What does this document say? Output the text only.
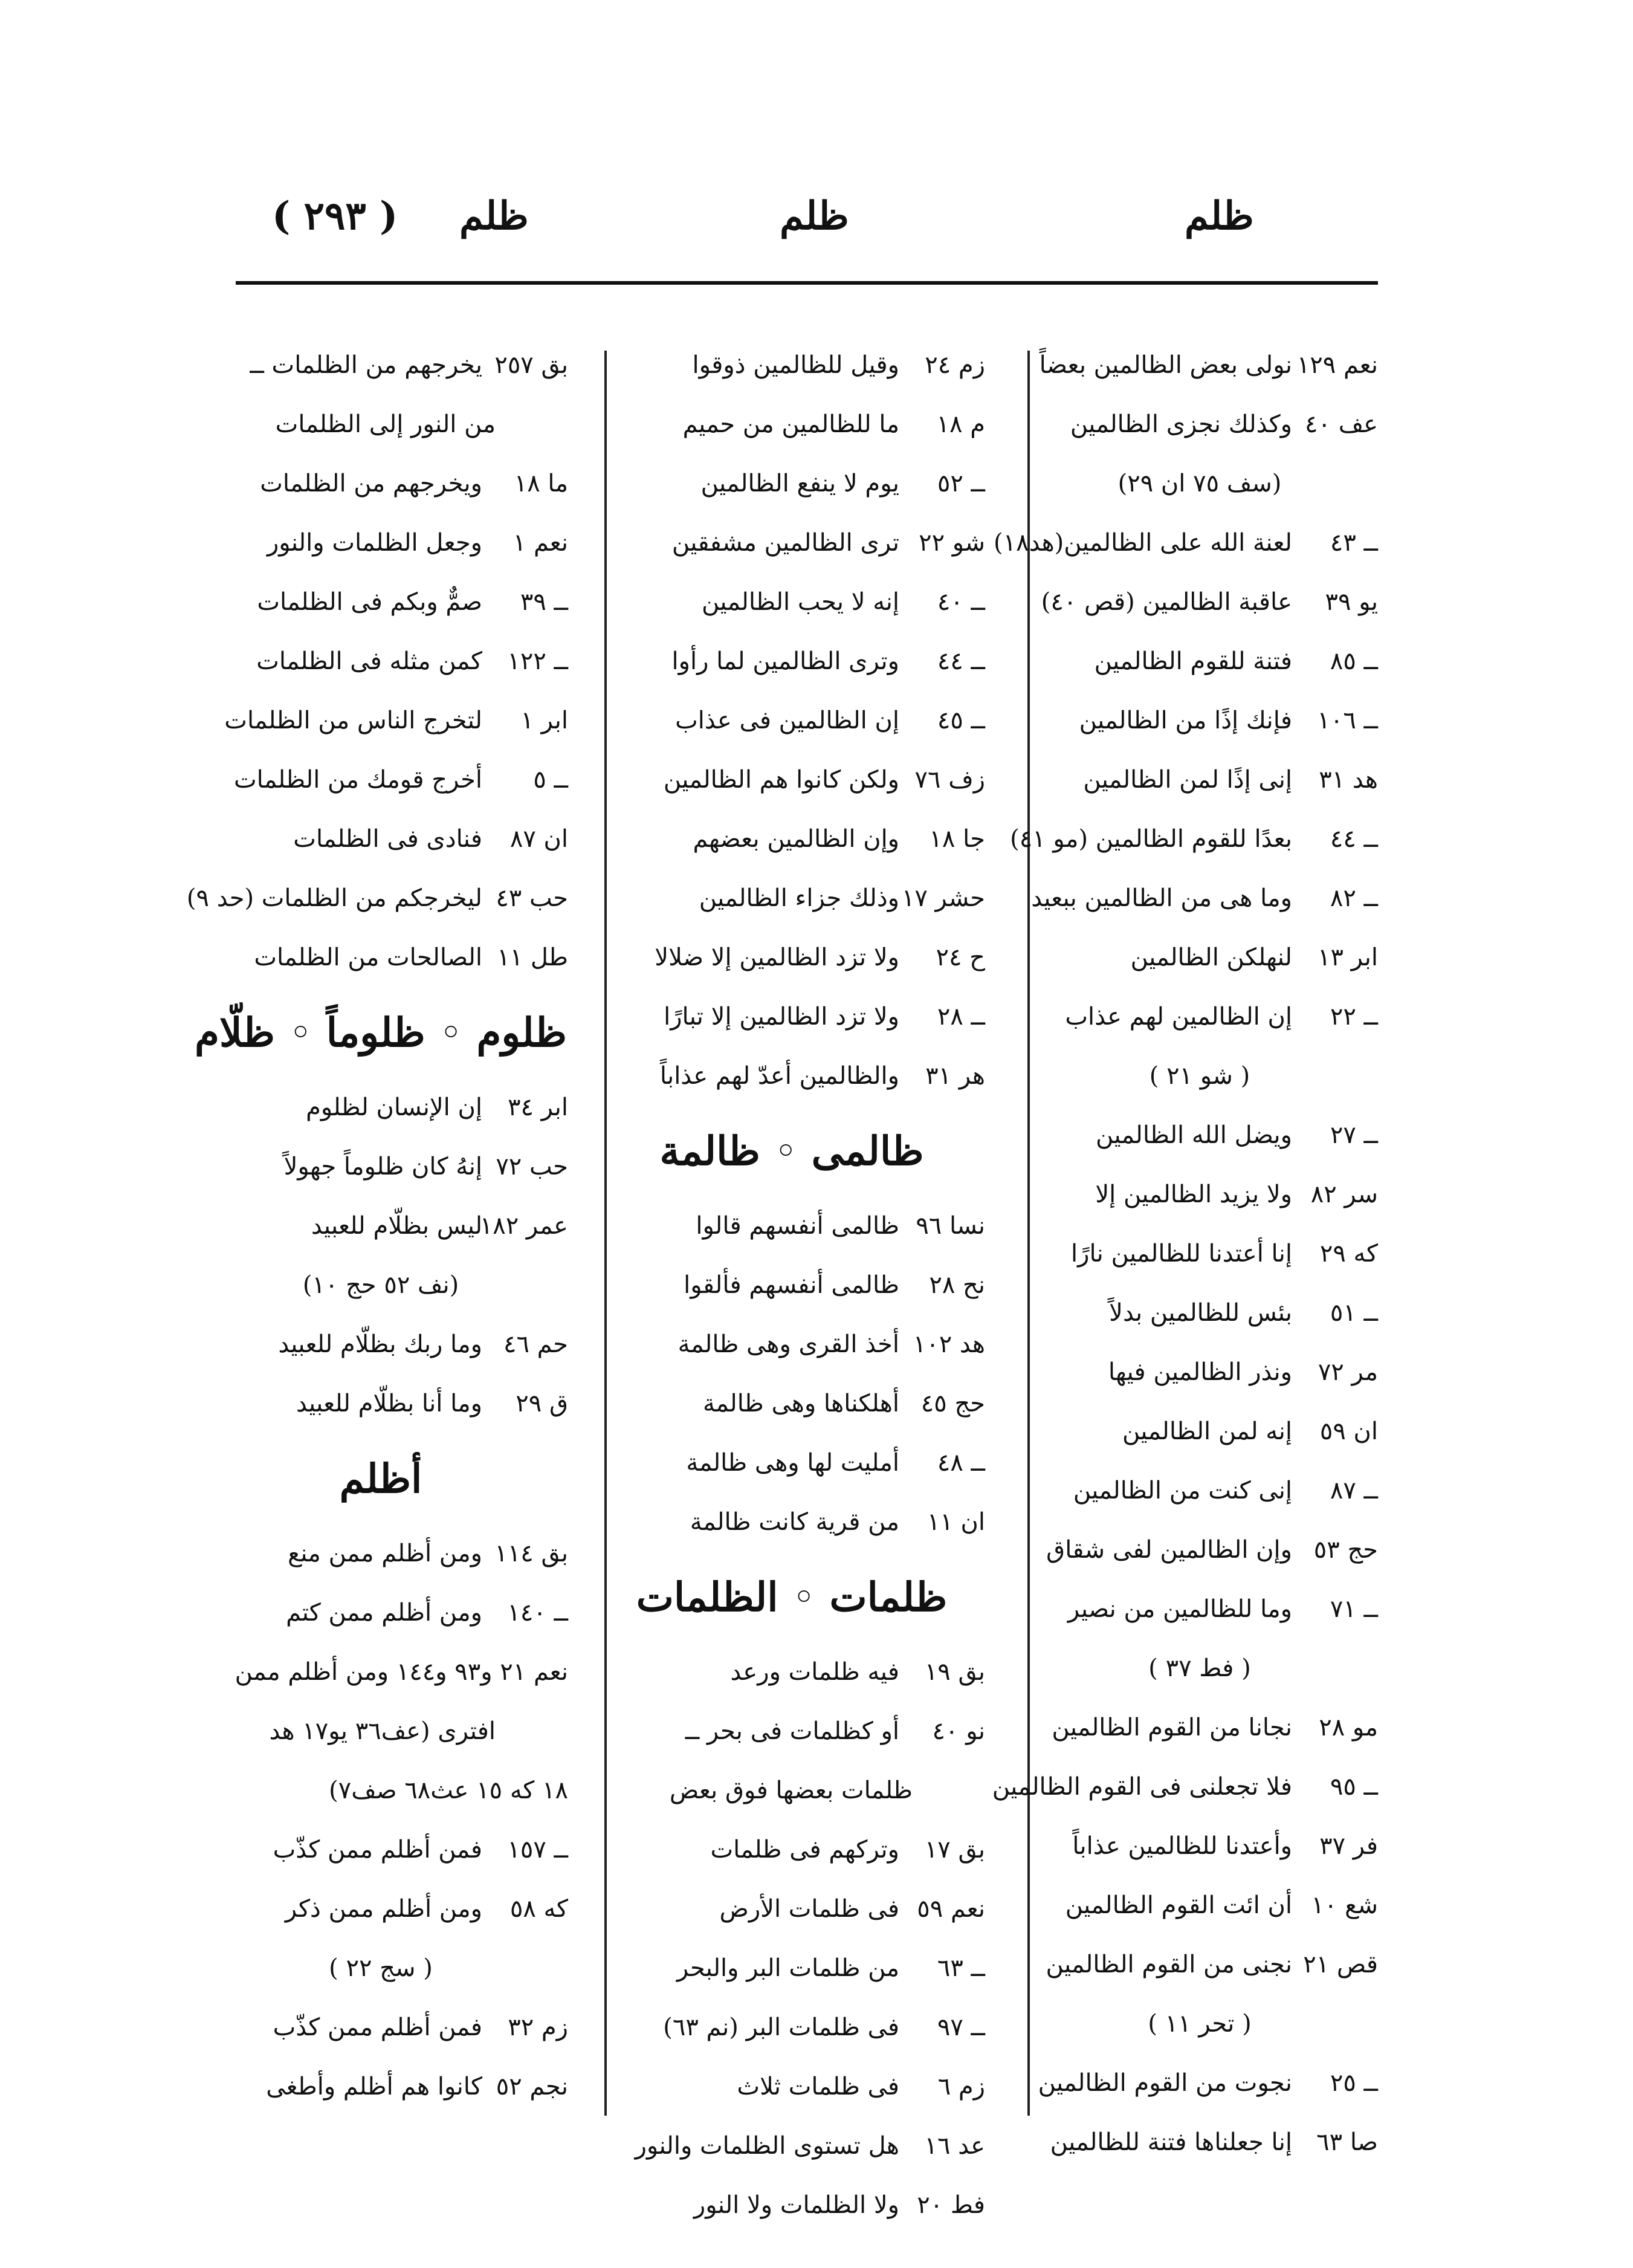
( ٢٩٣ ) ظلم	ظلم	ظلم
نعم ١٢٩
نولى بعض الظالمين بعضاً
عف ٤٠
وكذلك نجزى الظالمين
(سف ٧٥ ان ٢٩)
ــ ٤٣
لعنة الله على الظالمين(هد١٨)
يو ٣٩
عاقبة الظالمين (قص ٤٠)
ــ ٨٥
فتنة للقوم الظالمين
ــ ١٠٦
فإنك إذًا من الظالمين
هد ٣١
إنى إذًا لمن الظالمين
ــ ٤٤
بعدًا للقوم الظالمين (مو ٤١)
ــ ٨٢
وما هى من الظالمين ببعيد
ابر ١٣
لنهلكن الظالمين
ــ ٢٢
إن الظالمين لهم عذاب
( شو ٢١ )
ــ ٢٧
ويضل الله الظالمين
سر ٨٢
ولا يزيد الظالمين إلا
كه ٢٩
إنا أعتدنا للظالمين نارًا
ــ ٥١
بئس للظالمين بدلاً
مر ٧٢
ونذر الظالمين فيها
ان ٥٩
إنه لمن الظالمين
ــ ٨٧
إنى كنت من الظالمين
حج ٥٣
وإن الظالمين لفى شقاق
ــ ٧١
وما للظالمين من نصير
( فط ٣٧ )
مو ٢٨
نجانا من القوم الظالمين
ــ ٩٥
فلا تجعلنى فى القوم الظالمين
فر ٣٧
وأعتدنا للظالمين عذاباً
شع ١٠
أن ائت القوم الظالمين
قص ٢١
نجنى من القوم الظالمين
( تحر ١١ )
ــ ٢٥
نجوت من القوم الظالمين
صا ٦٣
إنا جعلناها فتنة للظالمين
زم ٢٤
وقيل للظالمين ذوقوا
م ١٨
ما للظالمين من حميم
ــ ٥٢
يوم لا ينفع الظالمين
شو ٢٢
ترى الظالمين مشفقين
ــ ٤٠
إنه لا يحب الظالمين
ــ ٤٤
وترى الظالمين لما رأوا
ــ ٤٥
إن الظالمين فى عذاب
زف ٧٦
ولكن كانوا هم الظالمين
جا ١٨
وإن الظالمين بعضهم
حشر ١٧
وذلك جزاء الظالمين
ح ٢٤
ولا تزد الظالمين إلا ضلالا
ــ ٢٨
ولا تزد الظالمين إلا تبارًا
هر ٣١
والظالمين أعدّ لهم عذاباً
ظالمى ◦ ظالمة
نسا ٩٦
ظالمى أنفسهم قالوا
نح ٢٨
ظالمى أنفسهم فألقوا
هد ١٠٢
أخذ القرى وهى ظالمة
حج ٤٥
أهلكناها وهى ظالمة
ــ ٤٨
أمليت لها وهى ظالمة
ان ١١
من قرية كانت ظالمة
ظلمات ◦ الظلمات
بق ١٩
فيه ظلمات ورعد
نو ٤٠
أو كظلمات فى بحر ــ
ظلمات بعضها فوق بعض
بق ١٧
وتركهم فى ظلمات
نعم ٥٩
فى ظلمات الأرض
ــ ٦٣
من ظلمات البر والبحر
ــ ٩٧
فى ظلمات البر (نم ٦٣)
زم ٦
فى ظلمات ثلاث
عد ١٦
هل تستوى الظلمات والنور
فط ٢٠
ولا الظلمات ولا النور
بق ٢٥٧
يخرجهم من الظلمات ــ
من النور إلى الظلمات
ما ١٨
ويخرجهم من الظلمات
نعم ١
وجعل الظلمات والنور
ــ ٣٩
صمٌّ وبكم فى الظلمات
ــ ١٢٢
كمن مثله فى الظلمات
ابر ١
لتخرج الناس من الظلمات
ــ ٥
أخرج قومك من الظلمات
ان ٨٧
فنادى فى الظلمات
حب ٤٣
ليخرجكم من الظلمات (حد ٩)
طل ١١
الصالحات من الظلمات
ظلوم ◦ ظلوماً ◦ ظلّام
ابر ٣٤
إن الإنسان لظلوم
حب ٧٢
إنهُ كان ظلوماً جهولاً
عمر ١٨٢
ليس بظلّام للعبيد
(نف ٥٢ حج ١٠)
حم ٤٦
وما ربك بظلّام للعبيد
ق ٢٩
وما أنا بظلّام للعبيد
أظلم
بق ١١٤
ومن أظلم ممن منع
ــ ١٤٠
ومن أظلم ممن كتم
نعم ٢١ و٩٣ و١٤٤ ومن أظلم ممن
افترى (عف٣٦ يو١٧ هد
١٨ كه ١٥ عث٦٨ صف٧)
ــ ١٥٧
فمن أظلم ممن كذّب
كه ٥٨
ومن أظلم ممن ذكر
( سج ٢٢ )
زم ٣٢
فمن أظلم ممن كذّب
نجم ٥٢
كانوا هم أظلم وأطغى
